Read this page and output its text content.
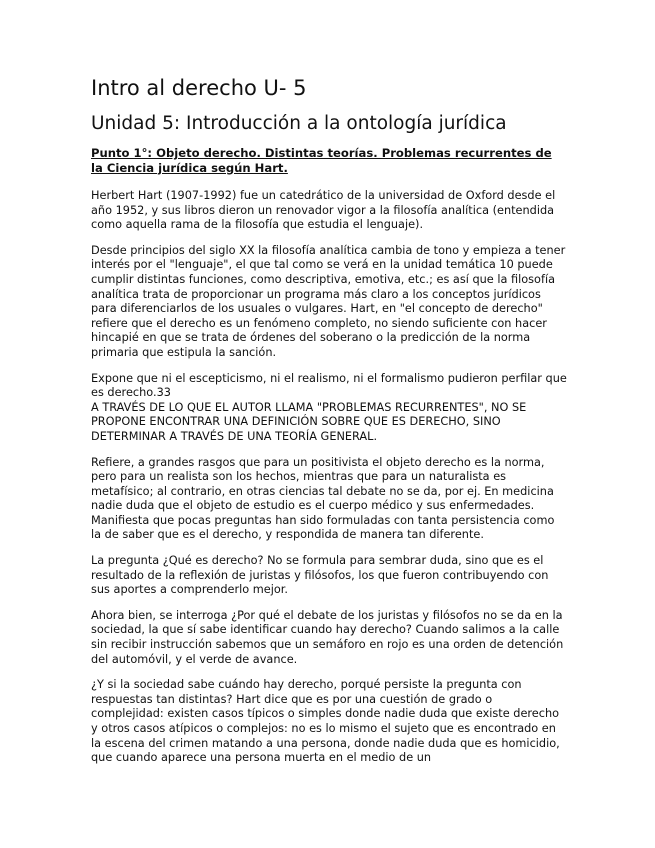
Intro al derecho U- 5
Unidad 5: Introducción a la ontología jurídica
Punto 1°: Objeto derecho. Distintas teorías. Problemas recurrentes de la Ciencia jurídica según Hart.

Herbert Hart (1907-1992) fue un catedrático de la universidad de Oxford desde el año 1952, y sus libros dieron un renovador vigor a la filosofía analítica (entendida como aquella rama de la filosofía que estudia el lenguaje).

Desde principios del siglo XX la filosofía analítica cambia de tono y empieza a tener interés por el "lenguaje", el que tal como se verá en la unidad temática 10 puede cumplir distintas funciones, como descriptiva, emotiva, etc.; es así que la filosofía analítica trata de proporcionar un programa más claro a los conceptos jurídicos para diferenciarlos de los usuales o vulgares. Hart, en "el concepto de derecho" refiere que el derecho es un fenómeno completo, no siendo suficiente con hacer hincapié en que se trata de órdenes del soberano o la predicción de la norma primaria que estipula la sanción.

Expone que ni el escepticismo, ni el realismo, ni el formalismo pudieron perfilar que es derecho.33
A TRAVÉS DE LO QUE EL AUTOR LLAMA "PROBLEMAS RECURRENTES", NO SE PROPONE ENCONTRAR UNA DEFINICIÓN SOBRE QUE ES DERECHO, SINO DETERMINAR A TRAVÉS DE UNA TEORÍA GENERAL.

Refiere, a grandes rasgos que para un positivista el objeto derecho es la norma, pero para un realista son los hechos, mientras que para un naturalista es metafísico; al contrario, en otras ciencias tal debate no se da, por ej. En medicina nadie duda que el objeto de estudio es el cuerpo médico y sus enfermedades. Manifiesta que pocas preguntas han sido formuladas con tanta persistencia como la de saber que es el derecho, y respondida de manera tan diferente.

La pregunta ¿Qué es derecho? No se formula para sembrar duda, sino que es el resultado de la reflexión de juristas y filósofos, los que fueron contribuyendo con sus aportes a comprenderlo mejor.

Ahora bien, se interroga ¿Por qué el debate de los juristas y filósofos no se da en la sociedad, la que sí sabe identificar cuando hay derecho? Cuando salimos a la calle sin recibir instrucción sabemos que un semáforo en rojo es una orden de detención del automóvil, y el verde de avance.

¿Y si la sociedad sabe cuándo hay derecho, porqué persiste la pregunta con respuestas tan distintas? Hart dice que es por una cuestión de grado o complejidad: existen casos típicos o simples donde nadie duda que existe derecho y otros casos atípicos o complejos: no es lo mismo el sujeto que es encontrado en la escena del crimen matando a una persona, donde nadie duda que es homicidio, que cuando aparece una persona muerta en el medio de un
